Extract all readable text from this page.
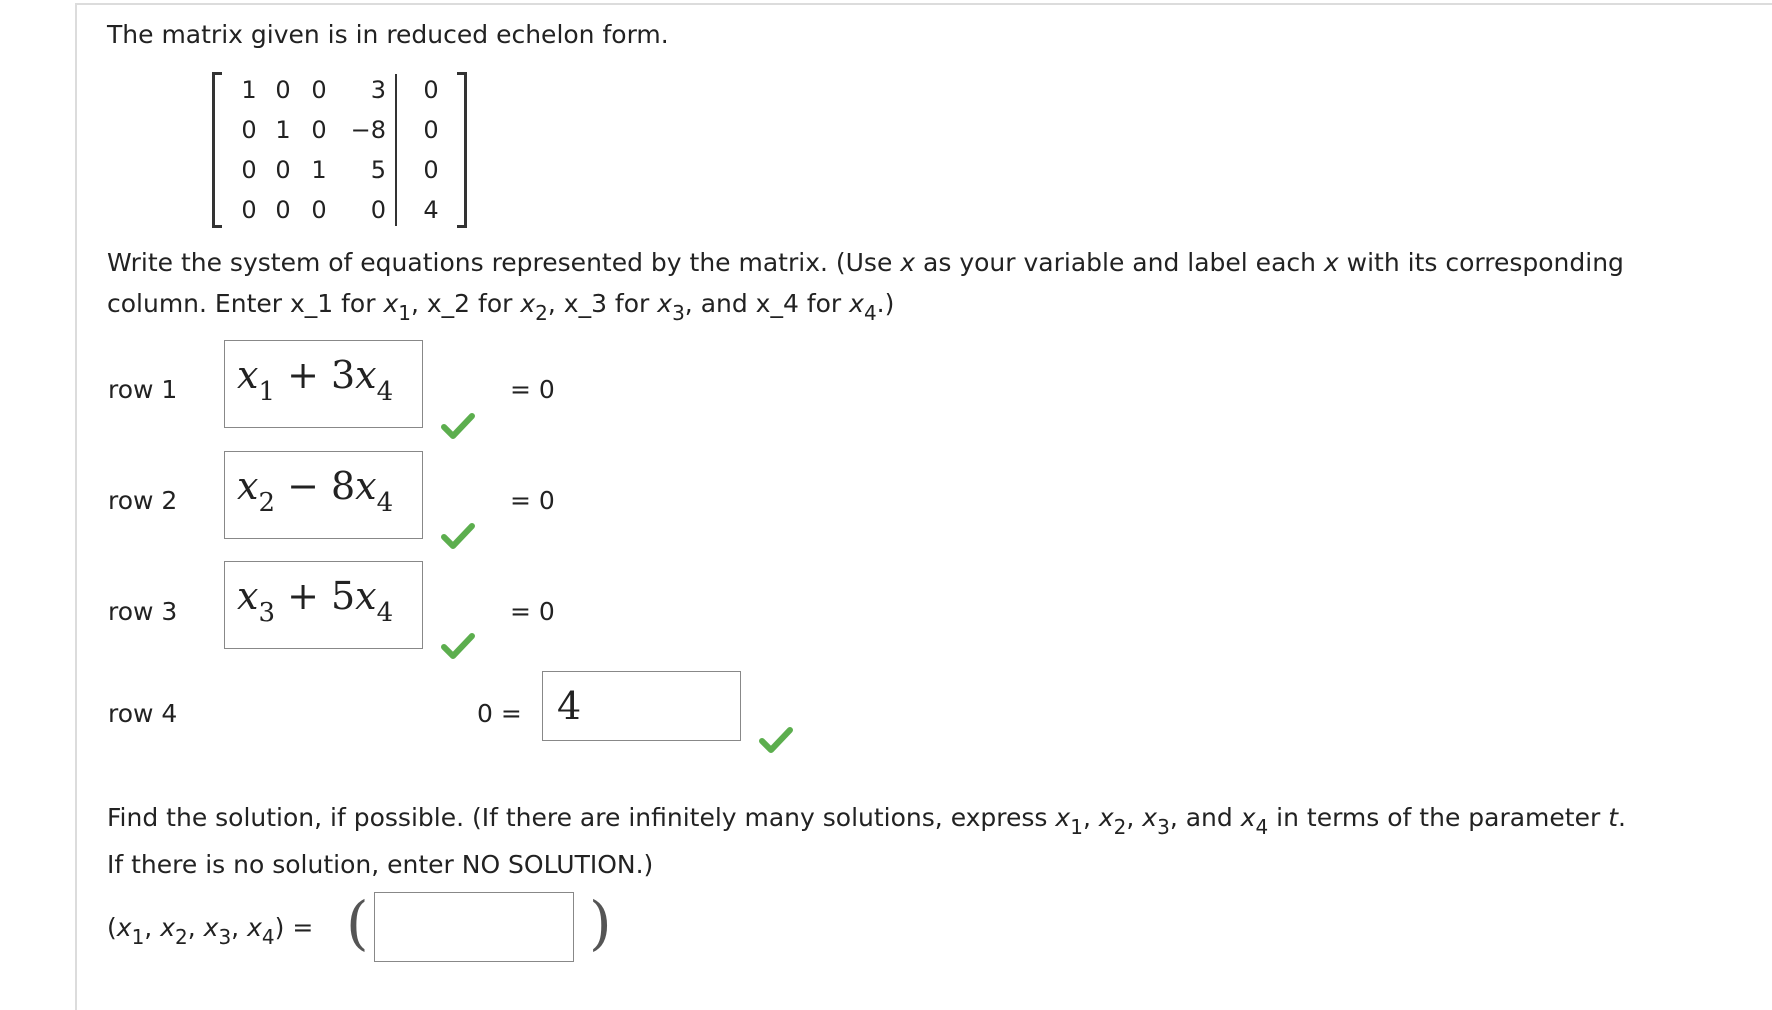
The matrix given is in reduced echelon form.
1 0 0	3 0
0 1 0 −8 0
0 0 1	5 0
0 0 0	0 4
Write the system of equations represented by the matrix. (Use x as your variable and label each x with its corresponding
column. Enter x_1 for $x_1$, x_2 for $x_2$, x_3 for $x_3$, and x_4 for $x_4$.)
row 1 $x_1 + 3x_4$	= 0
row 2 $x_2 - 8x_4$	= 0
row 3 $x_3 + 5x_4$	= 0
row 4	0 = 4
Find the solution, if possible. (If there are infinitely many solutions, express $x_1$, $x_2$, $x_3$, and $x_4$ in terms of the parameter t.
If there is no solution, enter NO SOLUTION.)
($x_1$, $x_2$, $x_3$, $x_4$) = (	)
